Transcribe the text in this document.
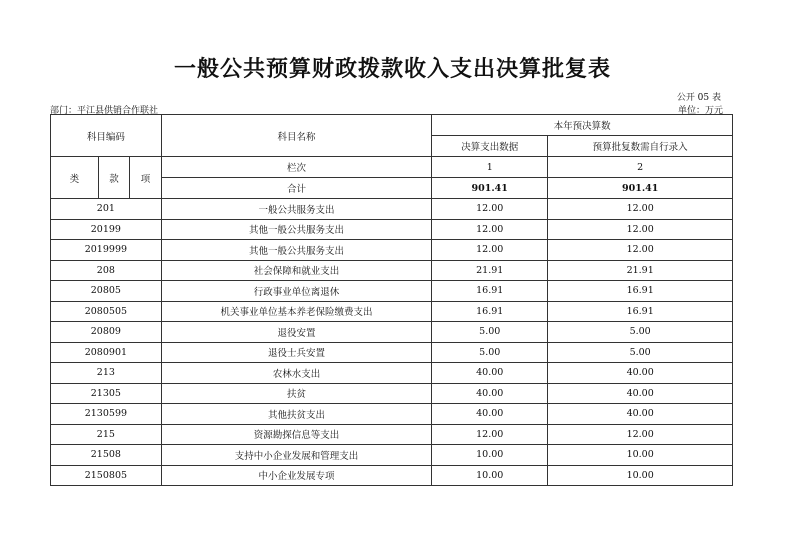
一般公共预算财政拨款收入支出决算批复表
公开 05 表
部门：平江县供销合作联社	单位：万元
科目编码			科目名称	本年预决算数	
				决算支出数据	预算批复数需自行录入
类	款	项	栏次	1	2
			合计	901.41	901.41
201			一般公共服务支出	12.00	12.00
20199			其他一般公共服务支出	12.00	12.00
2019999			其他一般公共服务支出	12.00	12.00
208			社会保障和就业支出	21.91	21.91
20805			行政事业单位离退休	16.91	16.91
2080505			机关事业单位基本养老保险缴费支出	16.91	16.91
20809			退役安置	5.00	5.00
2080901			退役士兵安置	5.00	5.00
213			农林水支出	40.00	40.00
21305			扶贫	40.00	40.00
2130599			其他扶贫支出	40.00	40.00
215			资源勘探信息等支出	12.00	12.00
21508			支持中小企业发展和管理支出	10.00	10.00
2150805			中小企业发展专项	10.00	10.00
